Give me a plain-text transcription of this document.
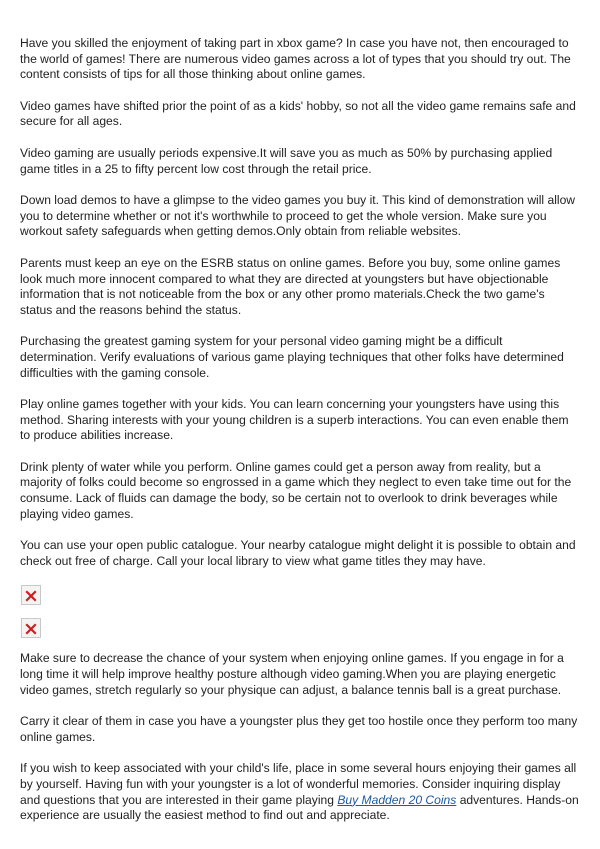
Have you skilled the enjoyment of taking part in xbox game? In case you have not, then encouraged to the world of games! There are numerous video games across a lot of types that you should try out. The content consists of tips for all those thinking about online games.

Video games have shifted prior the point of as a kids' hobby, so not all the video game remains safe and secure for all ages.

Video gaming are usually periods expensive.It will save you as much as 50% by purchasing applied game titles in a 25 to fifty percent low cost through the retail price.

Down load demos to have a glimpse to the video games you buy it. This kind of demonstration will allow you to determine whether or not it's worthwhile to proceed to get the whole version. Make sure you workout safety safeguards when getting demos.Only obtain from reliable websites.

Parents must keep an eye on the ESRB status on online games. Before you buy, some online games look much more innocent compared to what they are directed at youngsters but have objectionable information that is not noticeable from the box or any other promo materials.Check the two game's status and the reasons behind the status.

Purchasing the greatest gaming system for your personal video gaming might be a difficult determination. Verify evaluations of various game playing techniques that other folks have determined difficulties with the gaming console.

Play online games together with your kids. You can learn concerning your youngsters have using this method. Sharing interests with your young children is a superb interactions. You can even enable them to produce abilities increase.

Drink plenty of water while you perform. Online games could get a person away from reality, but a majority of folks could become so engrossed in a game which they neglect to even take time out for the consume. Lack of fluids can damage the body, so be certain not to overlook to drink beverages while playing video games.

You can use your open public catalogue. Your nearby catalogue might delight it is possible to obtain and check out free of charge. Call your local library to view what game titles they may have.

Make sure to decrease the chance of your system when enjoying online games. If you engage in for a long time it will help improve healthy posture although video gaming.When you are playing energetic video games, stretch regularly so your physique can adjust, a balance tennis ball is a great purchase.

Carry it clear of them in case you have a youngster plus they get too hostile once they perform too many online games.

If you wish to keep associated with your child's life, place in some several hours enjoying their games all by yourself. Having fun with your youngster is a lot of wonderful memories. Consider inquiring display and questions that you are interested in their game playing Buy Madden 20 Coins adventures. Hands-on experience are usually the easiest method to find out and appreciate.
